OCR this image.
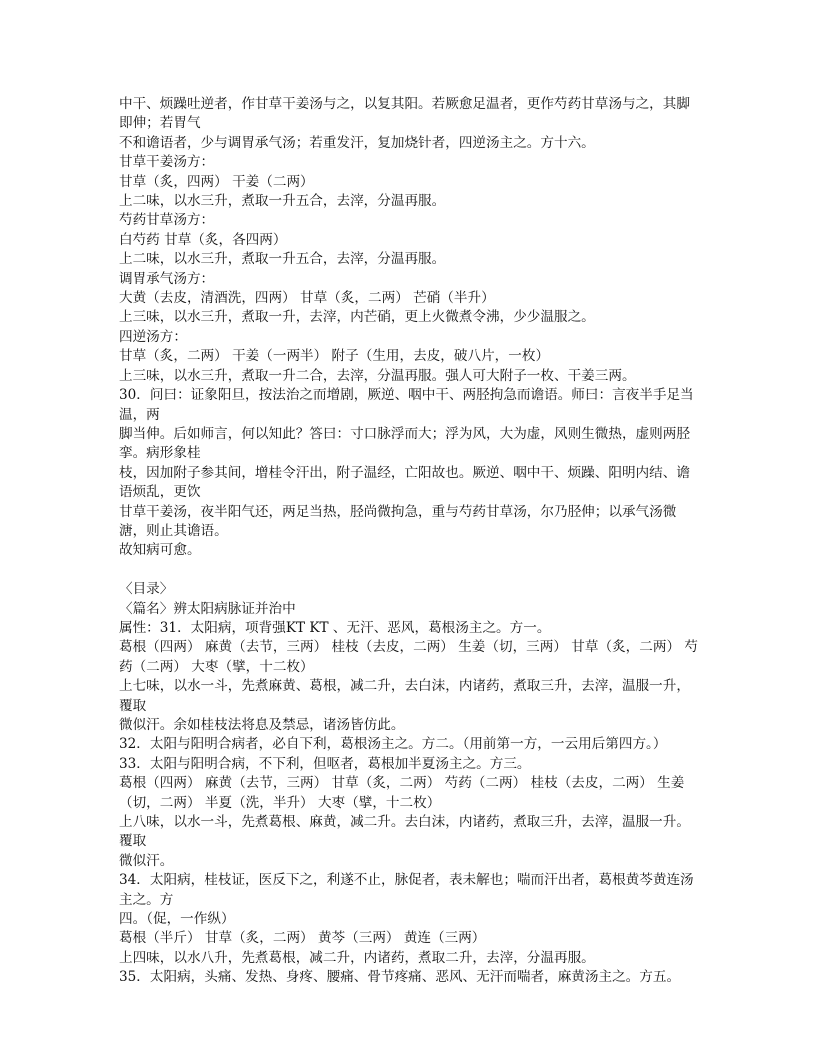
中干、烦躁吐逆者，作甘草干姜汤与之，以复其阳。若厥愈足温者，更作芍药甘草汤与之，其脚即伸；若胃气

不和谵语者，少与调胃承气汤；若重发汗，复加烧针者，四逆汤主之。方十六。

甘草干姜汤方：

甘草（炙，四两） 干姜（二两）

上二味，以水三升，煮取一升五合，去滓，分温再服。

芍药甘草汤方：

白芍药 甘草（炙，各四两）

上二味，以水三升，煮取一升五合，去滓，分温再服。

调胃承气汤方：

大黄（去皮，清酒洗，四两） 甘草（炙，二两） 芒硝（半升）

上三味，以水三升，煮取一升，去滓，内芒硝，更上火微煮令沸，少少温服之。

四逆汤方：

甘草（炙，二两） 干姜（一两半） 附子（生用，去皮，破八片，一枚）

上三味，以水三升，煮取一升二合，去滓，分温再服。强人可大附子一枚、干姜三两。

30．问曰：证象阳旦，按法治之而增剧，厥逆、咽中干、两胫拘急而谵语。师曰：言夜半手足当温，两

脚当伸。后如师言，何以知此？答曰：寸口脉浮而大；浮为风，大为虚，风则生微热，虚则两胫挛。病形象桂

枝，因加附子参其间，增桂令汗出，附子温经，亡阳故也。厥逆、咽中干、烦躁、阳明内结、谵语烦乱，更饮

甘草干姜汤，夜半阳气还，两足当热，胫尚微拘急，重与芍药甘草汤，尔乃胫伸；以承气汤微溏，则止其谵语。

故知病可愈。

〈目录〉

〈篇名〉辨太阳病脉证并治中

属性：31．太阳病，项背强KT KT 、无汗、恶风，葛根汤主之。方一。

葛根（四两） 麻黄（去节，三两） 桂枝（去皮，二两） 生姜（切，三两） 甘草（炙，二两） 芍药（二两） 大枣（擘，十二枚）

上七味，以水一斗，先煮麻黄、葛根，减二升，去白沫，内诸药，煮取三升，去滓，温服一升，覆取

微似汗。余如桂枝法将息及禁忌，诸汤皆仿此。

32．太阳与阳明合病者，必自下利，葛根汤主之。方二。（用前第一方，一云用后第四方。）

33．太阳与阳明合病，不下利，但呕者，葛根加半夏汤主之。方三。

葛根（四两） 麻黄（去节，三两） 甘草（炙，二两） 芍药（二两） 桂枝（去皮，二两） 生姜

（切，二两） 半夏（洗，半升） 大枣（擘，十二枚）

上八味，以水一斗，先煮葛根、麻黄，减二升。去白沫，内诸药，煮取三升，去滓，温服一升。覆取

微似汗。

34．太阳病，桂枝证，医反下之，利遂不止，脉促者，表未解也；喘而汗出者，葛根黄芩黄连汤主之。方

四。（促，一作纵）

葛根（半斤） 甘草（炙，二两） 黄芩（三两） 黄连（三两）

上四味，以水八升，先煮葛根，减二升，内诸药，煮取二升，去滓，分温再服。

35．太阳病，头痛、发热、身疼、腰痛、骨节疼痛、恶风、无汗而喘者，麻黄汤主之。方五。
